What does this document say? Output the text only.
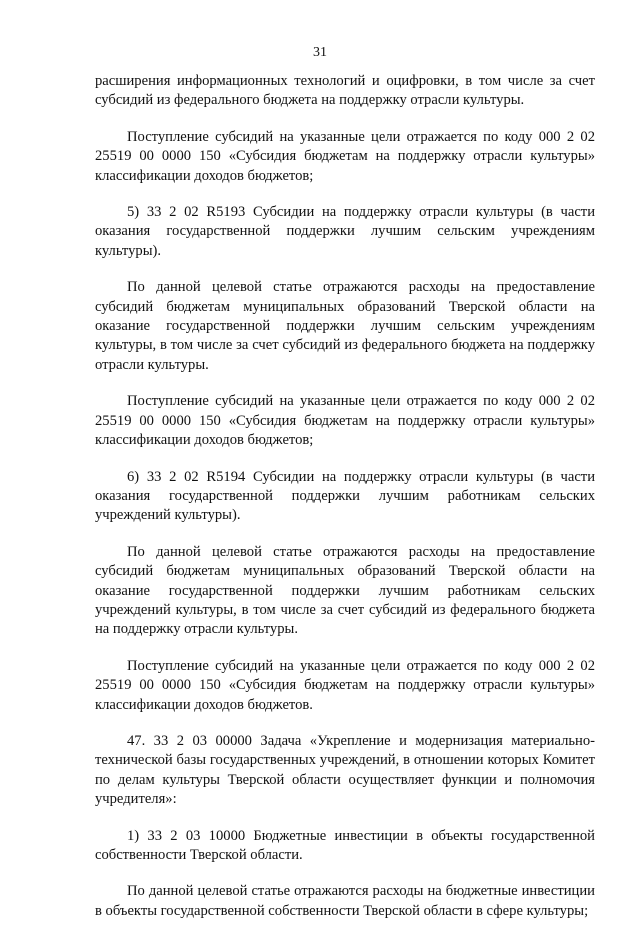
31

расширения информационных технологий и оцифровки, в том числе за счет субсидий из федерального бюджета на поддержку отрасли культуры.

Поступление субсидий на указанные цели отражается по коду 000 2 02 25519 00 0000 150 «Субсидия бюджетам на поддержку отрасли культуры» классификации доходов бюджетов;

5) 33 2 02 R5193 Субсидии на поддержку отрасли культуры (в части оказания государственной поддержки лучшим сельским учреждениям культуры).

По данной целевой статье отражаются расходы на предоставление субсидий бюджетам муниципальных образований Тверской области на оказание государственной поддержки лучшим сельским учреждениям культуры, в том числе за счет субсидий из федерального бюджета на поддержку отрасли культуры.

Поступление субсидий на указанные цели отражается по коду 000 2 02 25519 00 0000 150 «Субсидия бюджетам на поддержку отрасли культуры» классификации доходов бюджетов;

6) 33 2 02 R5194 Субсидии на поддержку отрасли культуры (в части оказания государственной поддержки лучшим работникам сельских учреждений культуры).

По данной целевой статье отражаются расходы на предоставление субсидий бюджетам муниципальных образований Тверской области на оказание государственной поддержки лучшим работникам сельских учреждений культуры, в том числе за счет субсидий из федерального бюджета на поддержку отрасли культуры.

Поступление субсидий на указанные цели отражается по коду 000 2 02 25519 00 0000 150 «Субсидия бюджетам на поддержку отрасли культуры» классификации доходов бюджетов.

47. 33 2 03 00000 Задача «Укрепление и модернизация материально-технической базы государственных учреждений, в отношении которых Комитет по делам культуры Тверской области осуществляет функции и полномочия учредителя»:

1) 33 2 03 10000 Бюджетные инвестиции в объекты государственной собственности Тверской области.

По данной целевой статье отражаются расходы на бюджетные инвестиции в объекты государственной собственности Тверской области в сфере культуры;
